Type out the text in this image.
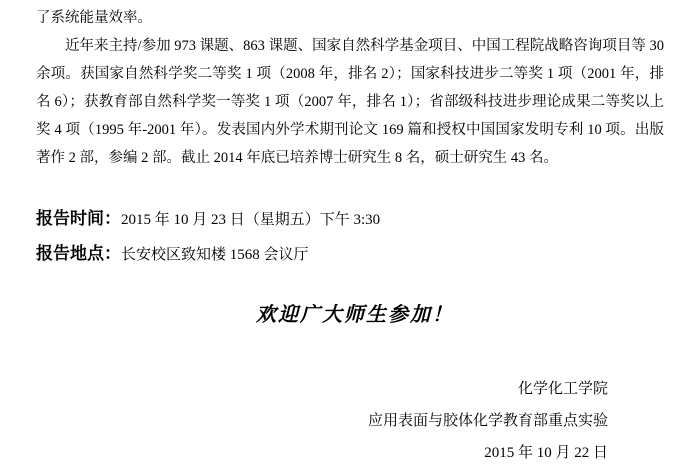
了系统能量效率。

近年来主持/参加 973 课题、863 课题、国家自然科学基金项目、中国工程院战略咨询项目等 30 余项。获国家自然科学奖二等奖 1 项（2008 年，排名 2）；国家科技进步二等奖 1 项（2001 年，排名 6）；获教育部自然科学奖一等奖 1 项（2007 年，排名 1）；省部级科技进步理论成果二等奖以上奖 4 项（1995 年-2001 年）。发表国内外学术期刊论文 169 篇和授权中国国家发明专利 10 项。出版著作 2 部，参编 2 部。截止 2014 年底已培养博士研究生 8 名，硕士研究生 43 名。

报告时间：2015 年 10 月 23 日（星期五）下午 3:30

报告地点：长安校区致知楼 1568 会议厅

欢迎广大师生参加！

化学化工学院

应用表面与胶体化学教育部重点实验

2015 年 10 月 22 日
